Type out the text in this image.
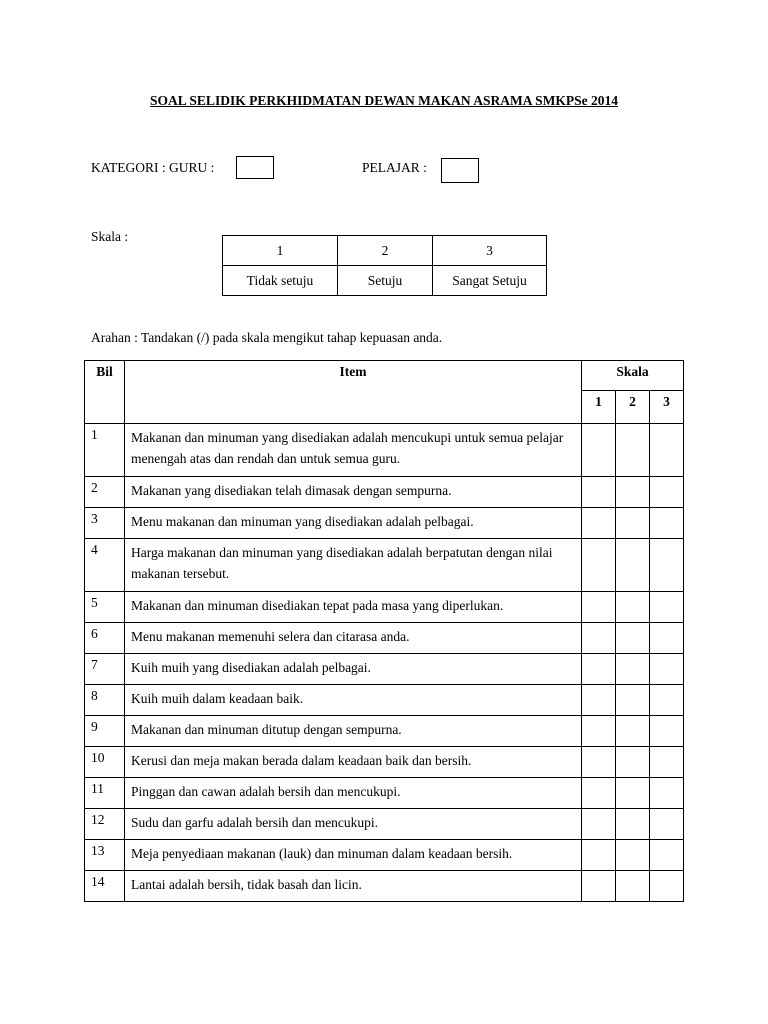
SOAL SELIDIK PERKHIDMATAN DEWAN MAKAN ASRAMA SMKPSe 2014
KATEGORI : GURU :	PELAJAR :
Skala :
1	2	3
Tidak setuju	Setuju	Sangat Setuju
Arahan : Tandakan (/) pada skala mengikut tahap kepuasan anda.
Bil	Item	Skala		
		1	2	3
1	Makanan dan minuman yang disediakan adalah mencukupi untuk semua pelajar menengah atas dan rendah dan untuk semua guru.			
2	Makanan yang disediakan telah dimasak dengan sempurna.			
3	Menu makanan dan minuman yang disediakan adalah pelbagai.			
4	Harga makanan dan minuman yang disediakan adalah berpatutan dengan nilai makanan tersebut.			
5	Makanan dan minuman disediakan tepat pada masa yang diperlukan.			
6	Menu makanan memenuhi selera dan citarasa anda.			
7	Kuih muih yang disediakan adalah pelbagai.			
8	Kuih muih dalam keadaan baik.			
9	Makanan dan minuman ditutup dengan sempurna.			
10	Kerusi dan meja makan berada dalam keadaan baik dan bersih.			
11	Pinggan dan cawan adalah bersih dan mencukupi.			
12	Sudu dan garfu adalah bersih dan mencukupi.			
13	Meja penyediaan makanan (lauk) dan minuman dalam keadaan bersih.			
14	Lantai adalah bersih, tidak basah dan licin.			
